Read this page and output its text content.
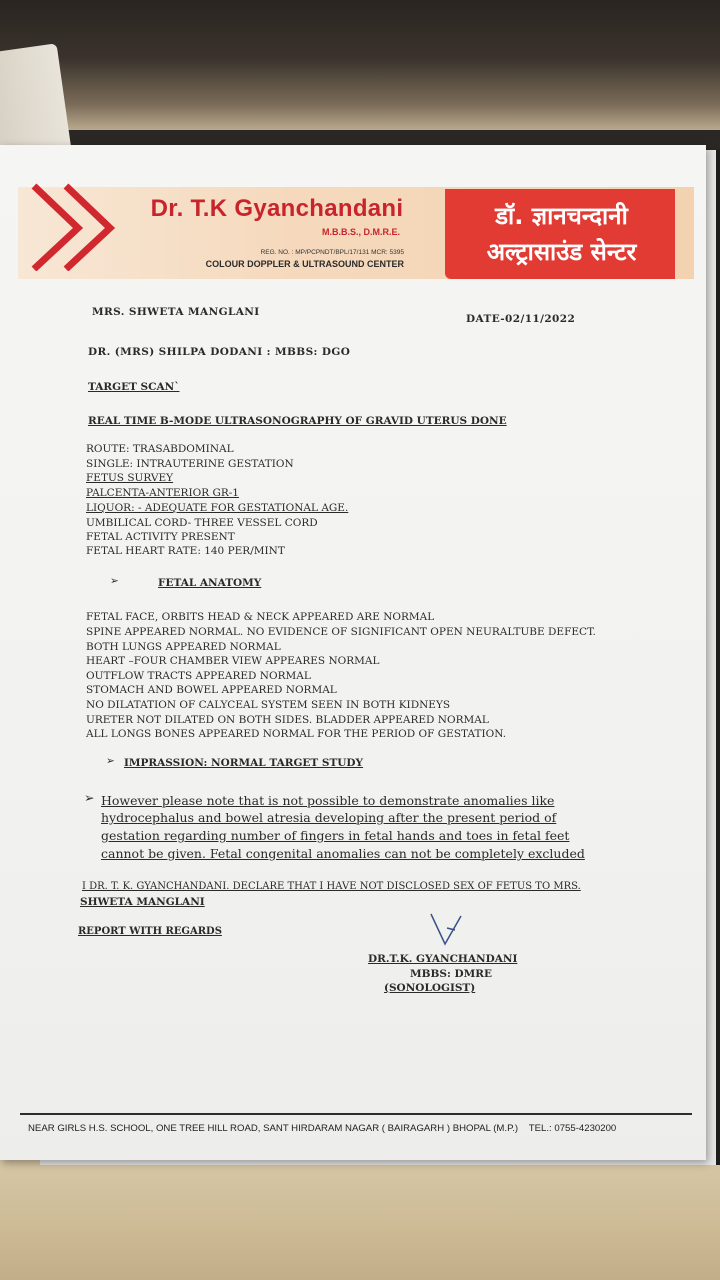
Dr. T.K Gyanchandani
M.B.B.S., D.M.R.E.
REG. NO. : MP/PCPNDT/BPL/17/131 MCR: 5395
COLOUR DOPPLER & ULTRASOUND CENTER
डॉ. ज्ञानचन्दानी
अल्ट्रासाउंड सेन्टर
MRS. SHWETA MANGLANI
DATE-02/11/2022
DR. (MRS) SHILPA DODANI : MBBS: DGO
TARGET SCAN`
REAL TIME B-MODE ULTRASONOGRAPHY OF GRAVID UTERUS DONE
ROUTE: TRASABDOMINAL
SINGLE: INTRAUTERINE GESTATION
FETUS SURVEY
PALCENTA-ANTERIOR GR-1
LIQUOR: - ADEQUATE FOR GESTATIONAL AGE.
UMBILICAL CORD- THREE VESSEL CORD
FETAL ACTIVITY PRESENT
FETAL HEART RATE: 140 PER/MINT
➢	FETAL ANATOMY
FETAL FACE, ORBITS HEAD & NECK APPEARED ARE NORMAL
SPINE APPEARED NORMAL. NO EVIDENCE OF SIGNIFICANT OPEN NEURALTUBE DEFECT.
BOTH LUNGS APPEARED NORMAL
HEART –FOUR CHAMBER VIEW APPEARES NORMAL
OUTFLOW TRACTS APPEARED NORMAL
STOMACH AND BOWEL APPEARED NORMAL
NO DILATATION OF CALYCEAL SYSTEM SEEN IN BOTH KIDNEYS
URETER NOT DILATED ON BOTH SIDES. BLADDER APPEARED NORMAL
ALL LONGS BONES APPEARED NORMAL FOR THE PERIOD OF GESTATION.
➢ IMPRASSION: NORMAL TARGET STUDY
➢ However please note that is not possible to demonstrate anomalies like
hydrocephalus and bowel atresia developing after the present period of
gestation regarding number of fingers in fetal hands and toes in fetal feet
cannot be given. Fetal congenital anomalies can not be completely excluded
I DR. T. K. GYANCHANDANI. DECLARE THAT I HAVE NOT DISCLOSED SEX OF FETUS TO MRS.
SHWETA MANGLANI
REPORT WITH REGARDS
DR.T.K. GYANCHANDANI
MBBS: DMRE
(SONOLOGIST)
NEAR GIRLS H.S. SCHOOL, ONE TREE HILL ROAD, SANT HIRDARAM NAGAR ( BAIRAGARH ) BHOPAL (M.P.) TEL.: 0755-4230200
